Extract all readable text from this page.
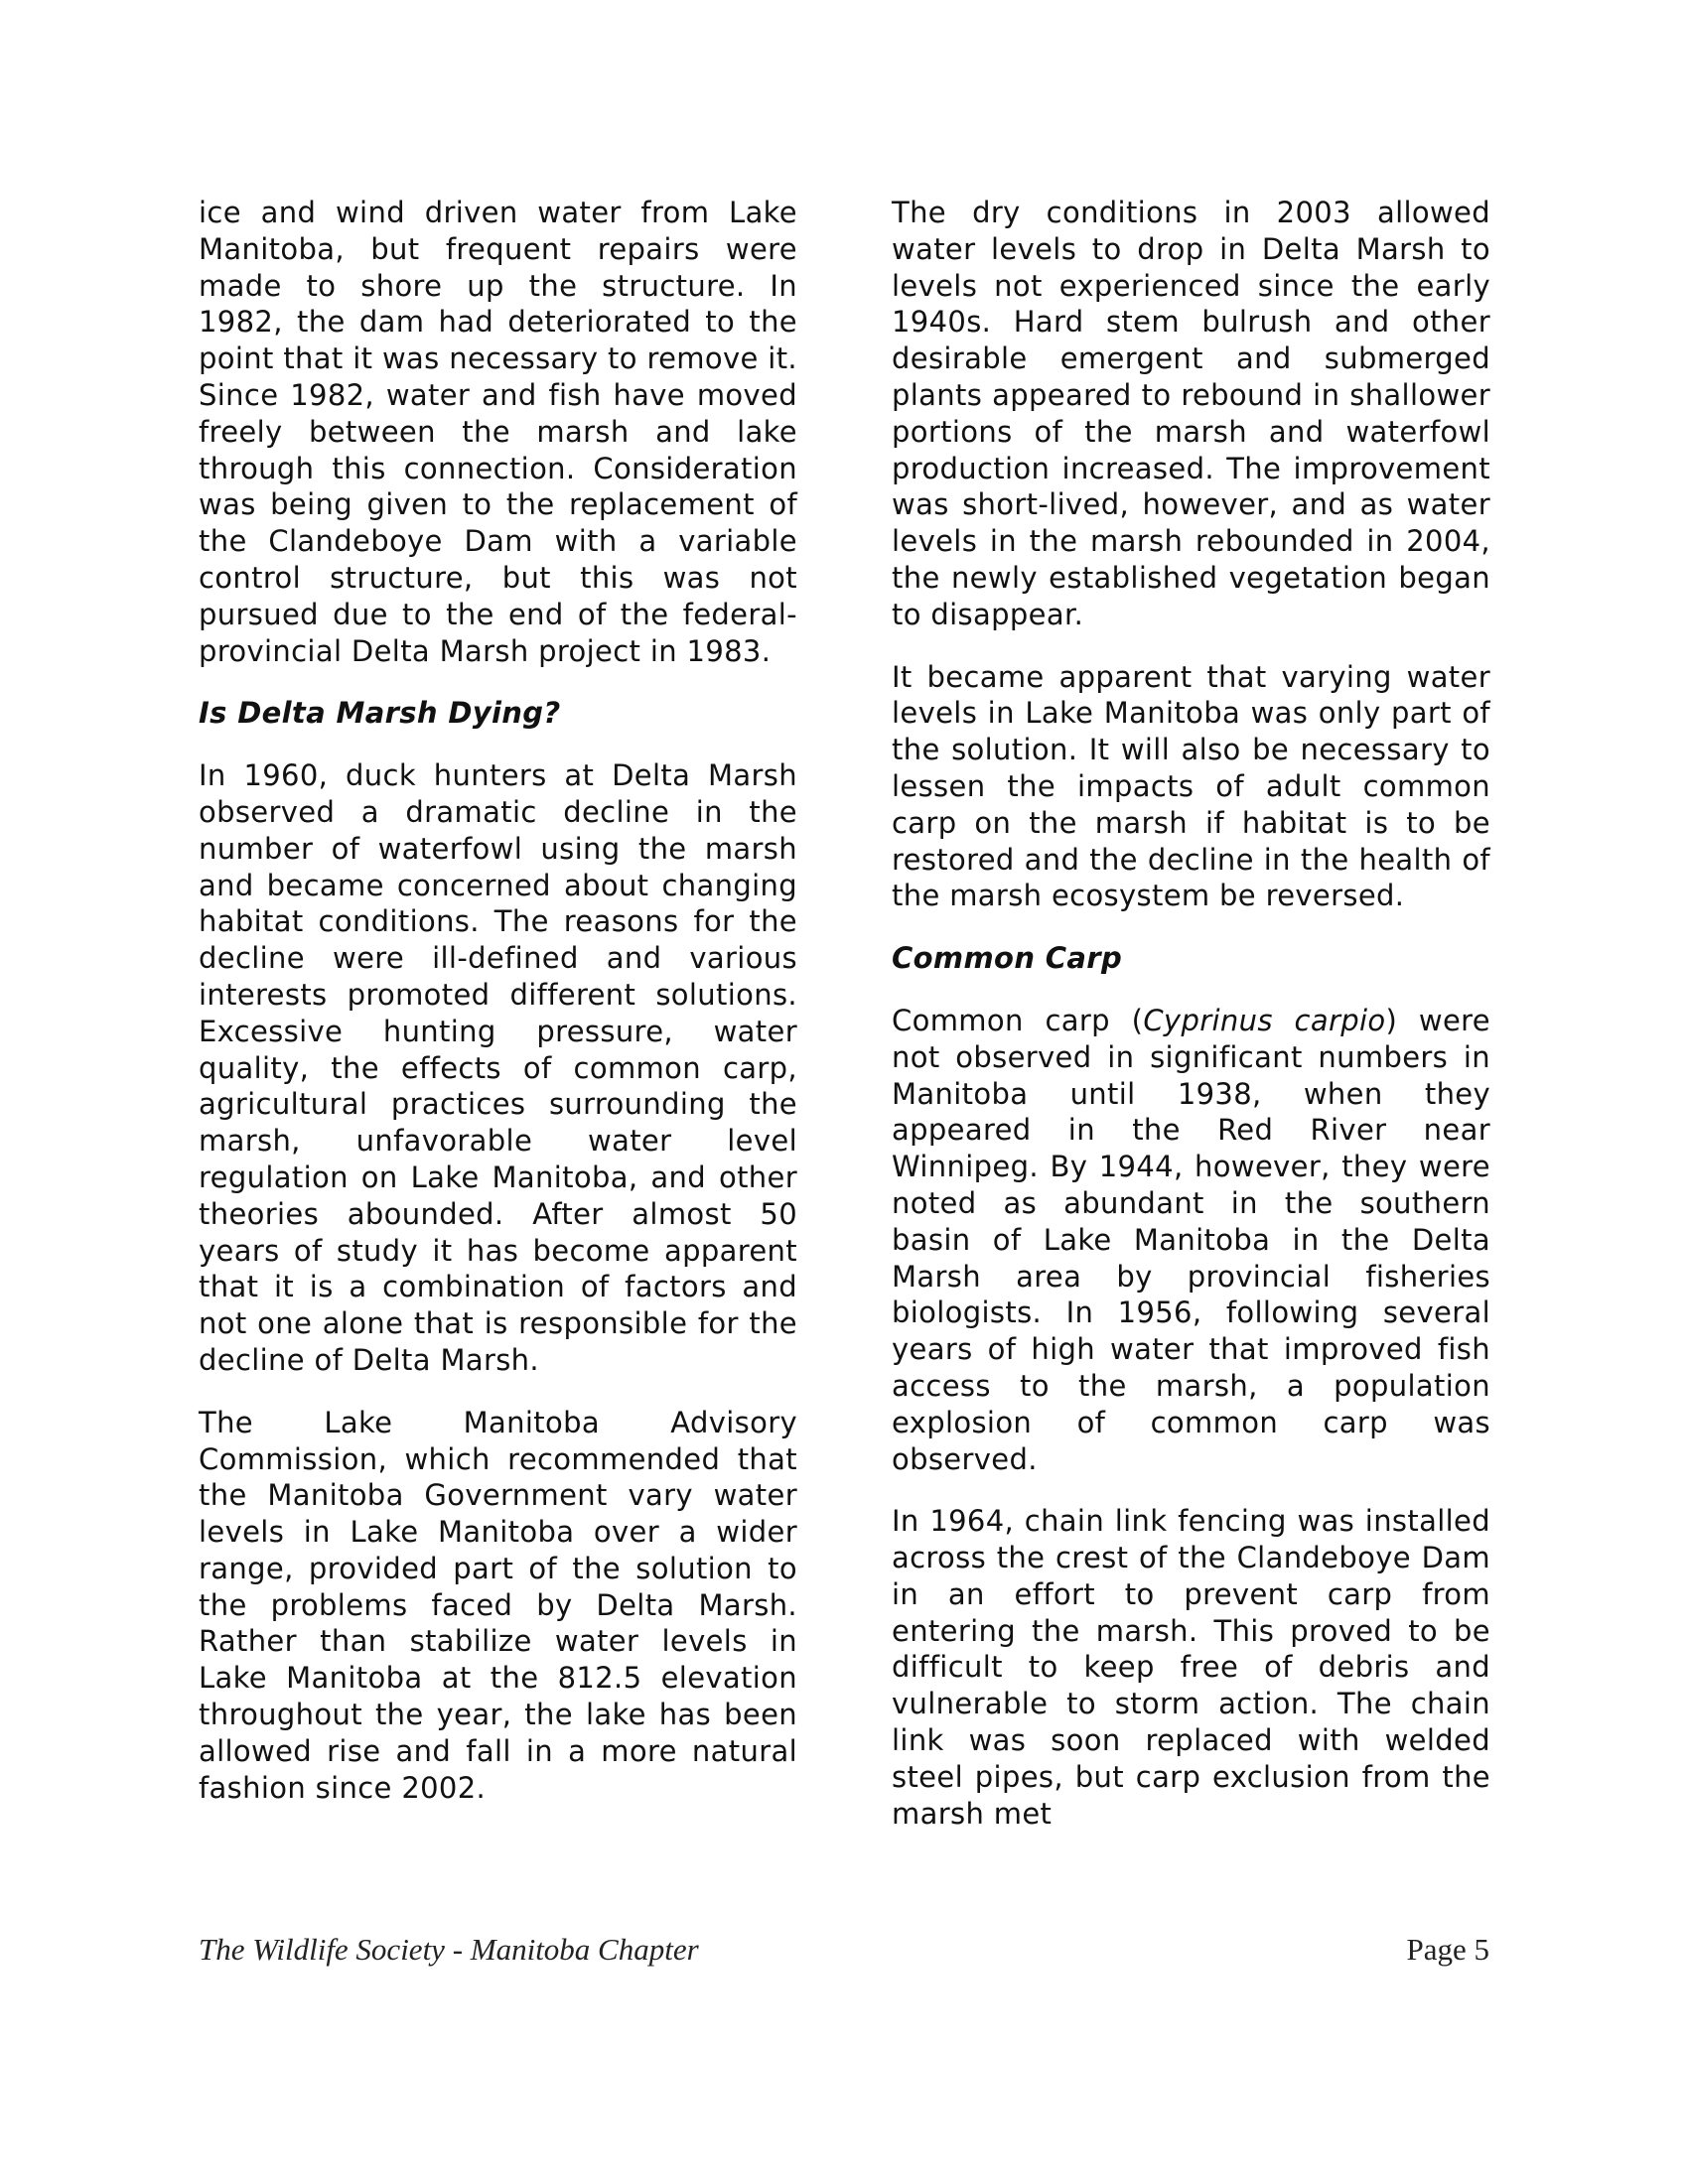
ice and wind driven water from Lake Manitoba, but frequent repairs were made to shore up the structure. In 1982, the dam had deteriorated to the point that it was necessary to remove it. Since 1982, water and fish have moved freely between the marsh and lake through this connection. Consideration was being given to the replacement of the Clandeboye Dam with a variable control structure, but this was not pursued due to the end of the federal-provincial Delta Marsh project in 1983.

Is Delta Marsh Dying?

In 1960, duck hunters at Delta Marsh observed a dramatic decline in the number of waterfowl using the marsh and became concerned about changing habitat conditions. The reasons for the decline were ill-defined and various interests promoted different solutions. Excessive hunting pressure, water quality, the effects of common carp, agricultural practices surrounding the marsh, unfavorable water level regulation on Lake Manitoba, and other theories abounded. After almost 50 years of study it has become apparent that it is a combination of factors and not one alone that is responsible for the decline of Delta Marsh.

The Lake Manitoba Advisory Commission, which recommended that the Manitoba Government vary water levels in Lake Manitoba over a wider range, provided part of the solution to the problems faced by Delta Marsh. Rather than stabilize water levels in Lake Manitoba at the 812.5 elevation throughout the year, the lake has been allowed rise and fall in a more natural fashion since 2002.

The dry conditions in 2003 allowed water levels to drop in Delta Marsh to levels not experienced since the early 1940s. Hard stem bulrush and other desirable emergent and submerged plants appeared to rebound in shallower portions of the marsh and waterfowl production increased. The improvement was short-lived, however, and as water levels in the marsh rebounded in 2004, the newly established vegetation began to disappear.

It became apparent that varying water levels in Lake Manitoba was only part of the solution. It will also be necessary to lessen the impacts of adult common carp on the marsh if habitat is to be restored and the decline in the health of the marsh ecosystem be reversed.

Common Carp

Common carp (Cyprinus carpio) were not observed in significant numbers in Manitoba until 1938, when they appeared in the Red River near Winnipeg. By 1944, however, they were noted as abundant in the southern basin of Lake Manitoba in the Delta Marsh area by provincial fisheries biologists. In 1956, following several years of high water that improved fish access to the marsh, a population explosion of common carp was observed.

In 1964, chain link fencing was installed across the crest of the Clandeboye Dam in an effort to prevent carp from entering the marsh. This proved to be difficult to keep free of debris and vulnerable to storm action. The chain link was soon replaced with welded steel pipes, but carp exclusion from the marsh met

The Wildlife Society - Manitoba Chapter	Page 5
